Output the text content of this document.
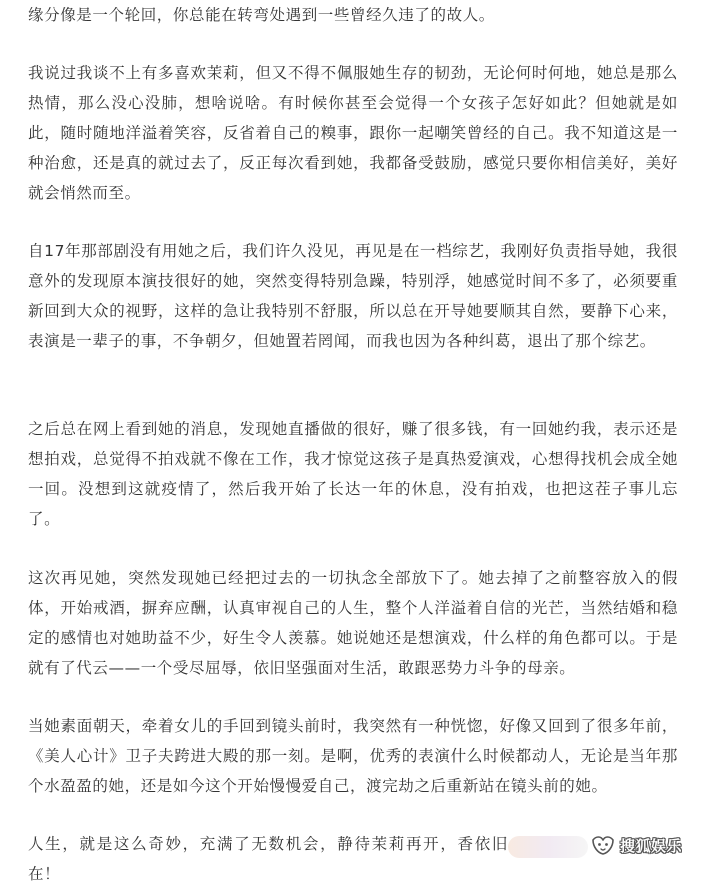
缘分像是一个轮回，你总能在转弯处遇到一些曾经久违了的故人。

我说过我谈不上有多喜欢茉莉，但又不得不佩服她生存的韧劲，无论何时何地，她总是那么热情，那么没心没肺，想啥说啥。有时候你甚至会觉得一个女孩子怎好如此？但她就是如此，随时随地洋溢着笑容，反省着自己的糗事，跟你一起嘲笑曾经的自己。我不知道这是一种治愈，还是真的就过去了，反正每次看到她，我都备受鼓励，感觉只要你相信美好，美好就会悄然而至。

自17年那部剧没有用她之后，我们许久没见，再见是在一档综艺，我刚好负责指导她，我很意外的发现原本演技很好的她，突然变得特别急躁，特别浮，她感觉时间不多了，必须要重新回到大众的视野，这样的急让我特别不舒服，所以总在开导她要顺其自然，要静下心来，表演是一辈子的事，不争朝夕，但她置若罔闻，而我也因为各种纠葛，退出了那个综艺。

之后总在网上看到她的消息，发现她直播做的很好，赚了很多钱，有一回她约我，表示还是想拍戏，总觉得不拍戏就不像在工作，我才惊觉这孩子是真热爱演戏，心想得找机会成全她一回。没想到这就疫情了，然后我开始了长达一年的休息，没有拍戏，也把这茬子事儿忘了。

这次再见她，突然发现她已经把过去的一切执念全部放下了。她去掉了之前整容放入的假体，开始戒酒，摒弃应酬，认真审视自己的人生，整个人洋溢着自信的光芒，当然结婚和稳定的感情也对她助益不少，好生令人羡慕。她说她还是想演戏，什么样的角色都可以。于是就有了代云——一个受尽屈辱，依旧坚强面对生活，敢跟恶势力斗争的母亲。

当她素面朝天，牵着女儿的手回到镜头前时，我突然有一种恍惚，好像又回到了很多年前，《美人心计》卫子夫跨进大殿的那一刻。是啊，优秀的表演什么时候都动人，无论是当年那个水盈盈的她，还是如今这个开始慢慢爱自己，渡完劫之后重新站在镜头前的她。

人生，就是这么奇妙，充满了无数机会，静待茉莉再开，香依旧在！

搜狐娱乐
